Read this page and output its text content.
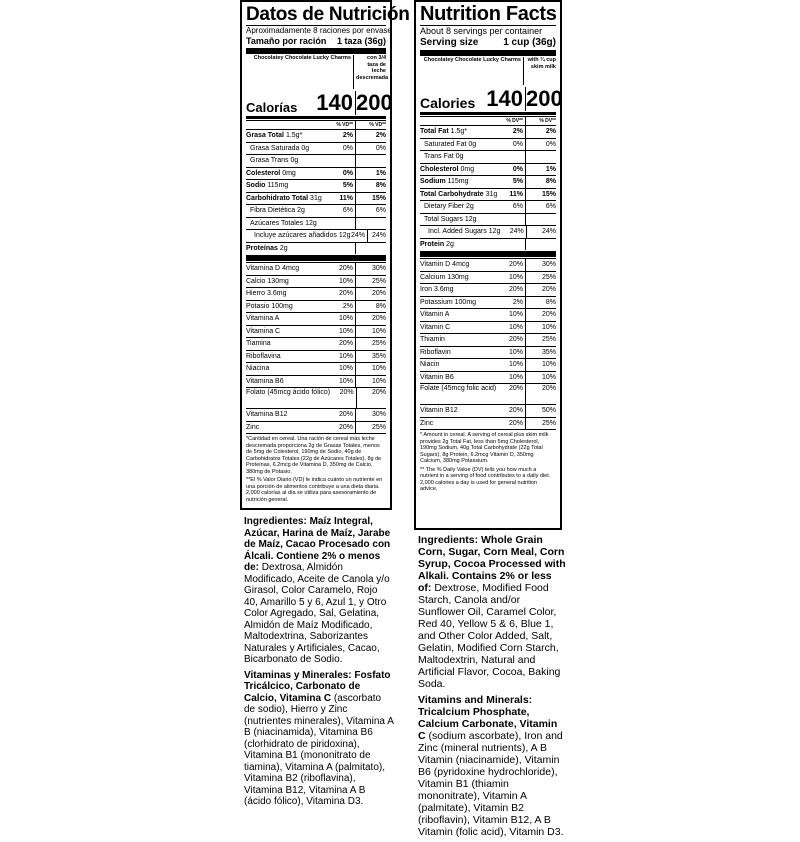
Datos de Nutrición
Aproximadamente 8 raciones por envase
Tamaño por ración 1 taza (36g)
Chocolatey Chocolate Lucky Charms	con 3/4 taza de leche descremada
Calorías 140 200
% VD**	% VD**
Grasa Total 1.5g*	2%	2%
Grasa Saturada 0g	0%	0%
Grasa Trans 0g
Colesterol 0mg	0%	1%
Sodio 115mg	5%	8%
Carbohidrato Total 31g	11%	15%
Fibra Dietética 2g	6%	6%
Azúcares Totales 12g
Incluye azúcares añadidos 12g 24%	24%
Proteínas 2g
Vitamina D 4mcg	20%	30%
Calcio 130mg	10%	25%
Hierro 3.6mg	20%	20%
Potasio 100mg	2%	8%
Vitamina A	10%	20%
Vitamina C	10%	10%
Tiamina	20%	25%
Riboflavina	10%	35%
Niacina	10%	10%
Vitamina B6	10%	10%
Folato (45mcg ácido fólico)	20%	20%
Vitamina B12	20%	30%
Zinc	20%	25%
*Cantidad en cereal. Una ración de cereal más leche descremada proporciona 2g de Grasas Totales, menos de 5mg de Colesterol, 190mg de Sodio, 40g de Carbohidratos Totales (22g de Azúcares Totales), 8g de Proteínas, 6.2mcg de Vitamina D, 350mg de Calcio, 380mg de Potasio.
**El % Valor Diario (VD) le indica cuánto un nutriente en una porción de alimentos contribuye a una dieta diaria. 2,000 calorías al día se utiliza para asesoramiento de nutrición general.

Ingredientes: Maíz Integral, Azúcar, Harina de Maíz, Jarabe de Maíz, Cacao Procesado con Álcali. Contiene 2% o menos de: Dextrosa, Almidón Modificado, Aceite de Canola y/o Girasol, Color Caramelo, Rojo 40, Amarillo 5 y 6, Azul 1, y Otro Color Agregado, Sal, Gelatina, Almidón de Maíz Modificado, Maltodextrina, Saborizantes Naturales y Artificiales, Cacao, Bicarbonato de Sodio.

Vitaminas y Minerales: Fosfato Tricálcico, Carbonato de Calcio, Vitamina C (ascorbato de sodio), Hierro y Zinc (nutrientes minerales), Vitamina A B (niacinamida), Vitamina B6 (clorhidrato de piridoxina), Vitamina B1 (mononitrato de tiamina), Vitamina A (palmitato), Vitamina B2 (riboflavina), Vitamina B12, Vitamina A B (ácido fólico), Vitamina D3.

Nutrition Facts
About 8 servings per container
Serving size 1 cup (36g)
Chocolatey Chocolate Lucky Charms	with ¾ cup skim milk
Calories 140 200
% DV**	% DV**
Total Fat 1.5g*	2%	2%
Saturated Fat 0g	0%	0%
Trans Fat 0g
Cholesterol 0mg	0%	1%
Sodium 115mg	5%	8%
Total Carbohydrate 31g	11%	15%
Dietary Fiber 2g	6%	6%
Total Sugars 12g
Incl. Added Sugars 12g	24%	24%
Protein 2g
Vitamin D 4mcg	20%	30%
Calcium 130mg	10%	25%
Iron 3.6mg	20%	20%
Potassium 100mg	2%	8%
Vitamin A	10%	20%
Vitamin C	10%	10%
Thiamin	20%	25%
Riboflavin	10%	35%
Niacin	10%	10%
Vitamin B6	10%	10%
Folate (45mcg folic acid)	20%	20%
Vitamin B12	20%	50%
Zinc	20%	25%
* Amount in cereal. A serving of cereal plus skim milk provides 2g Total Fat, less than 5mg Cholesterol, 190mg Sodium, 40g Total Carbohydrate (22g Total Sugars), 8g Protein, 6.2mcg Vitamin D, 350mg Calcium, 380mg Potassium.
** The % Daily Value (DV) tells you how much a nutrient in a serving of food contributes to a daily diet. 2,000 calories a day is used for general nutrition advice.

Ingredients: Whole Grain Corn, Sugar, Corn Meal, Corn Syrup, Cocoa Processed with Alkali. Contains 2% or less of: Dextrose, Modified Food Starch, Canola and/or Sunflower Oil, Caramel Color, Red 40, Yellow 5 & 6, Blue 1, and Other Color Added, Salt, Gelatin, Modified Corn Starch, Maltodextrin, Natural and Artificial Flavor, Cocoa, Baking Soda.

Vitamins and Minerals: Tricalcium Phosphate, Calcium Carbonate, Vitamin C (sodium ascorbate), Iron and Zinc (mineral nutrients), A B Vitamin (niacinamide), Vitamin B6 (pyridoxine hydrochloride), Vitamin B1 (thiamin mononitrate), Vitamin A (palmitate), Vitamin B2 (riboflavin), Vitamin B12, A B Vitamin (folic acid), Vitamin D3.
